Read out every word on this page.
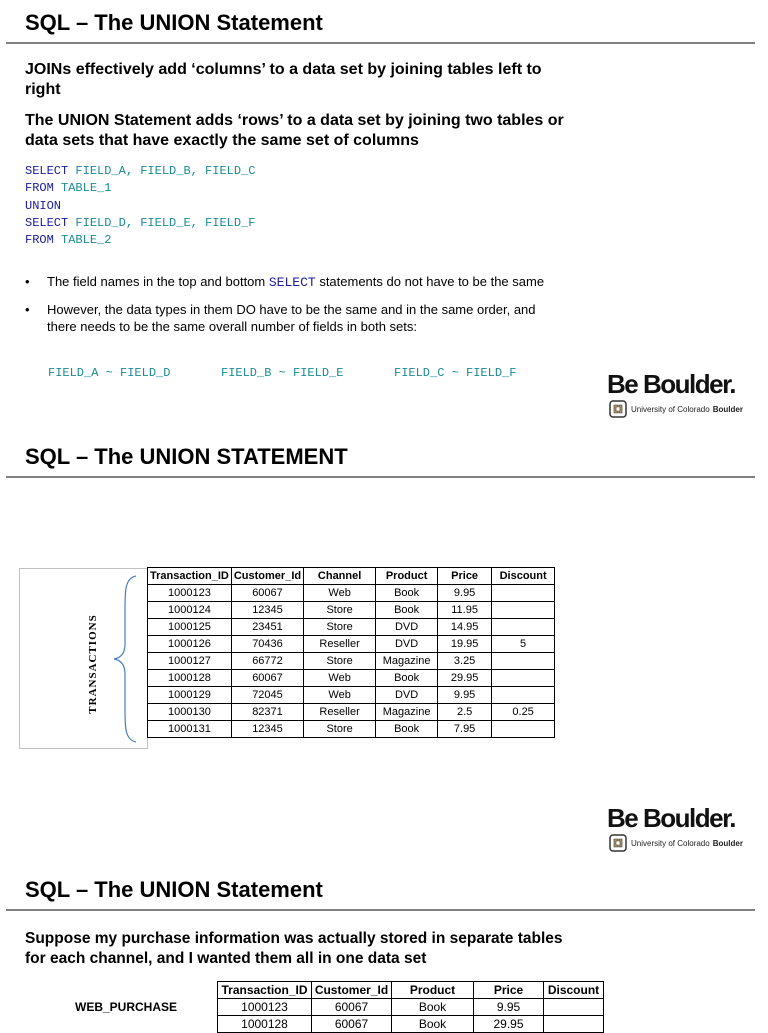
SQL – The UNION Statement
JOINs effectively add ‘columns’ to a data set by joining tables left to right
The UNION Statement adds ‘rows’ to a data set by joining two tables or data sets that have exactly the same set of columns
SELECT FIELD_A, FIELD_B, FIELD_C
FROM TABLE_1
UNION
SELECT FIELD_D, FIELD_E, FIELD_F
FROM TABLE_2
• The field names in the top and bottom SELECT statements do not have to be the same
• However, the data types in them DO have to be the same and in the same order, and there needs to be the same overall number of fields in both sets:
FIELD_A ~ FIELD_D	FIELD_B ~ FIELD_E	FIELD_C ~ FIELD_F	Be Boulder.
University of Colorado Boulder
SQL – The UNION STATEMENT
TRANSACTIONS
Transaction_ID	Customer_Id	Channel	Product	Price	Discount
1000123	60067	Web	Book	9.95	
1000124	12345	Store	Book	11.95	
1000125	23451	Store	DVD	14.95	
1000126	70436	Reseller	DVD	19.95	5
1000127	66772	Store	Magazine	3.25	
1000128	60067	Web	Book	29.95	
1000129	72045	Web	DVD	9.95	
1000130	82371	Reseller	Magazine	2.5	0.25
1000131	12345	Store	Book	7.95	
Be Boulder.
University of Colorado Boulder
SQL – The UNION Statement
Suppose my purchase information was actually stored in separate tables for each channel, and I wanted them all in one data set
WEB_PURCHASE
Transaction_ID	Customer_Id	Product	Price	Discount
1000123	60067	Book	9.95	
1000128	60067	Book	29.95	
